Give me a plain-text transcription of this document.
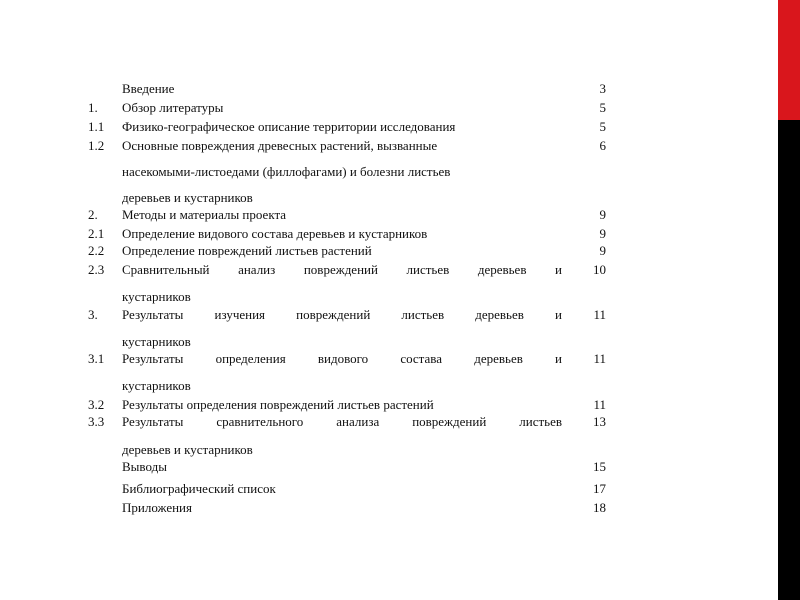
Введение	3
1.	Обзор литературы	5
1.1	Физико-географическое описание территории исследования	5
1.2	Основные повреждения древесных растений, вызванные	6
насекомыми-листоедами (филлофагами) и болезни листьев
деревьев и кустарников
2.	Методы и материалы проекта	9
2.1	Определение видового состава деревьев и кустарников	9
2.2	Определение повреждений листьев растений	9
2.3	Сравнительный анализ повреждений листьев деревьев и	10
кустарников
3.	Результаты изучения повреждений листьев деревьев и	11
кустарников
3.1	Результаты определения видового состава деревьев и	11
кустарников
3.2	Результаты определения повреждений листьев растений	11
3.3	Результаты сравнительного анализа повреждений листьев	13
деревьев и кустарников
Выводы	15
Библиографический список	17
Приложения	18
